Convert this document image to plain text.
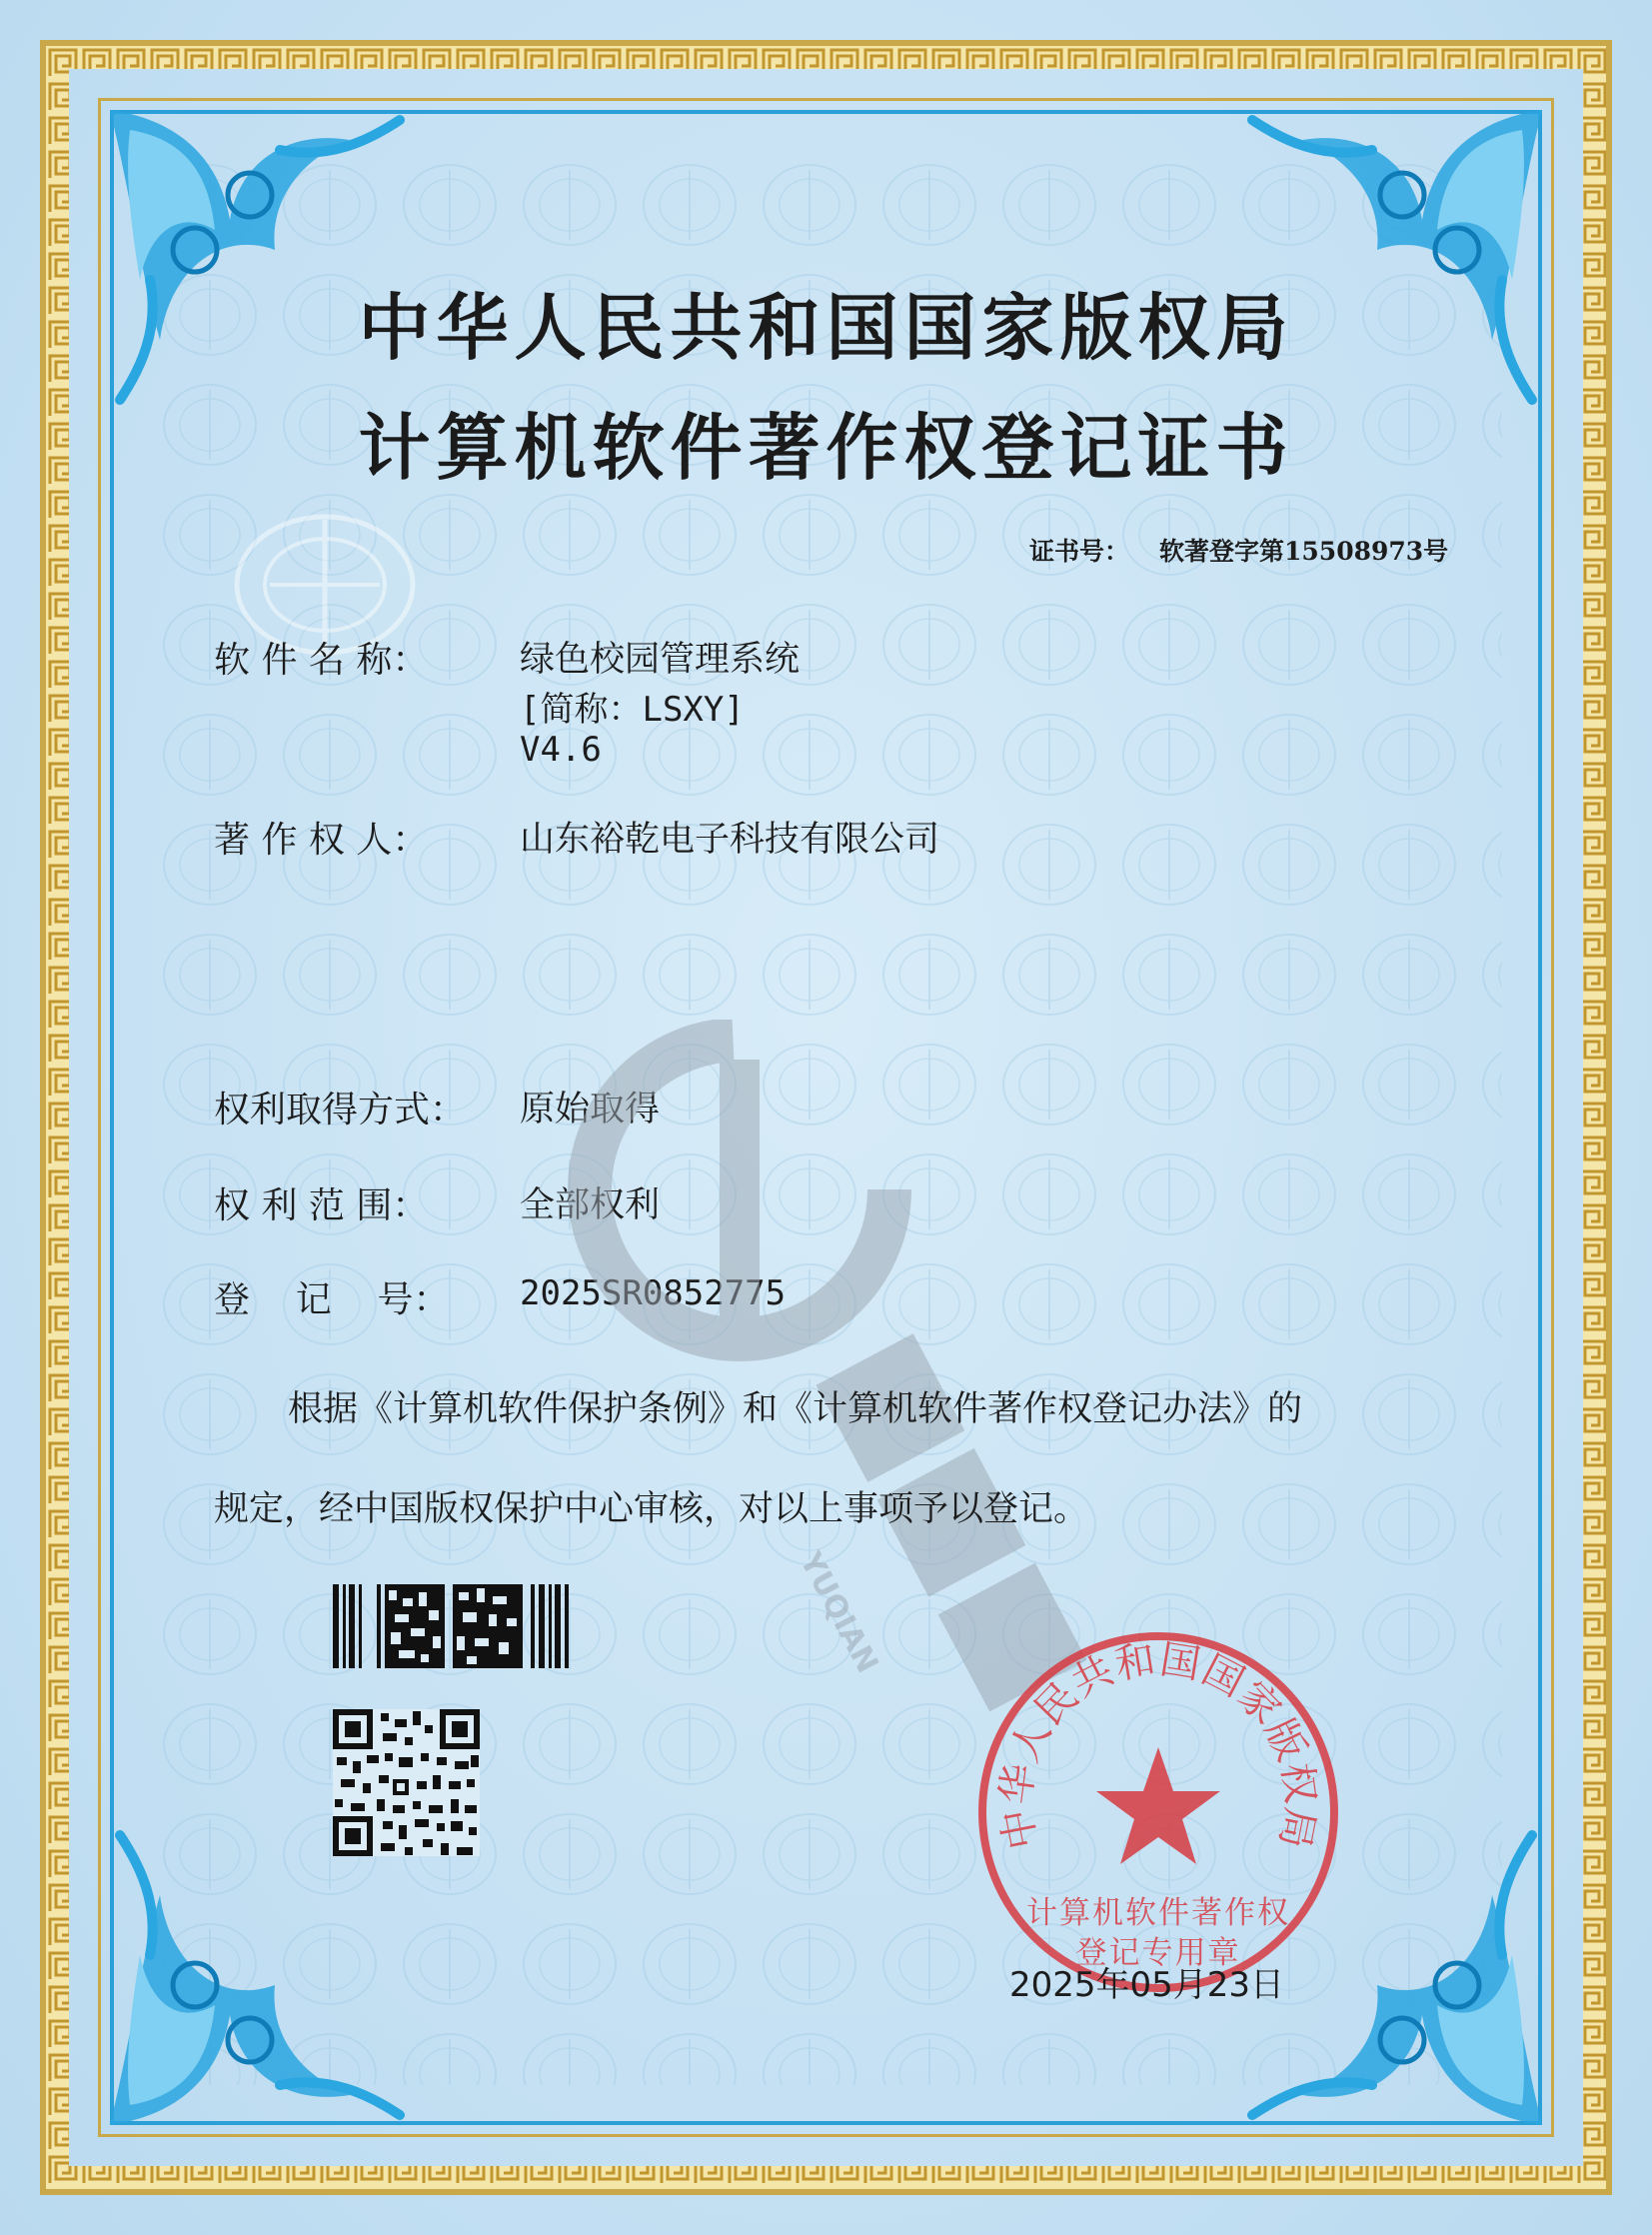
中华人民共和国国家版权局
计算机软件著作权登记证书
证书号： 软著登字第15508973号
软 件 名 称：	绿色校园管理系统
[简称：LSXY]
V4.6
著 作 权 人：	山东裕乾电子科技有限公司
权利取得方式： 原始取得
权 利 范 围：	全部权利
登    记    号： 2025SR0852775
YUQIAN
根据《计算机软件保护条例》和《计算机软件著作权登记办法》的
规定，经中国版权保护中心审核，对以上事项予以登记。
中华人民共和国国家版权局
计算机软件著作权
登记专用章
2025年05月23日
